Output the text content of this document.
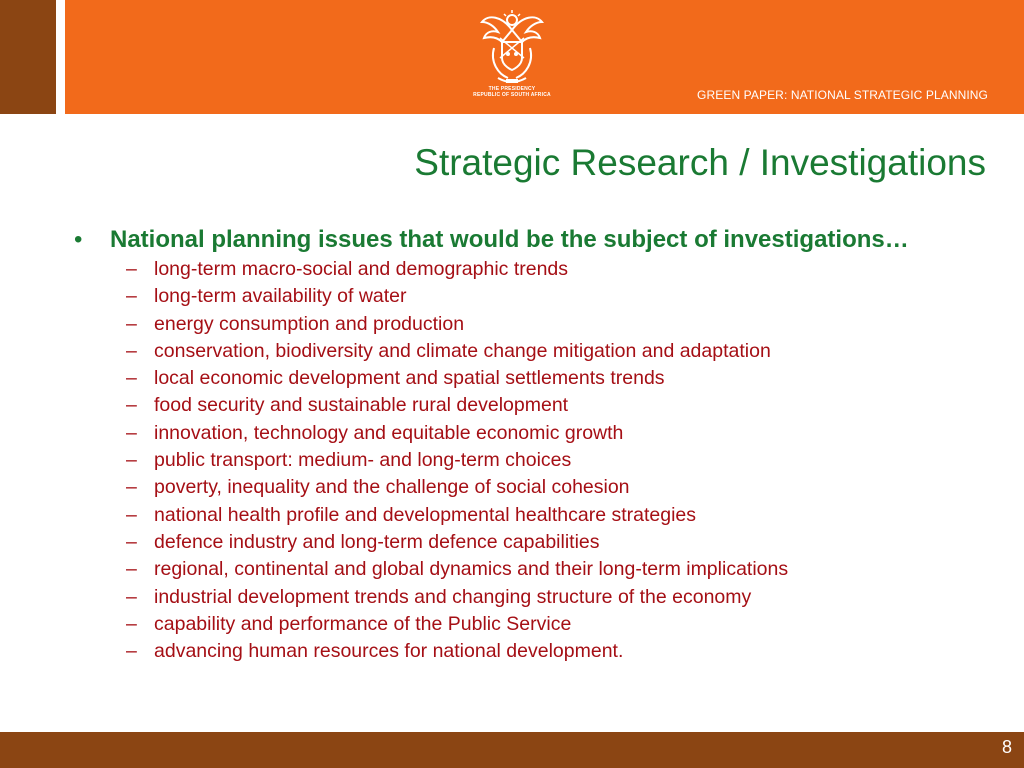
THE PRESIDENCY
REPUBLIC OF SOUTH AFRICA	GREEN PAPER: NATIONAL STRATEGIC PLANNING
Strategic Research / Investigations
• National planning issues that would be the subject of investigations…
– long-term macro-social and demographic trends
– long-term availability of water
– energy consumption and production
– conservation, biodiversity and climate change mitigation and adaptation
– local economic development and spatial settlements trends
– food security and sustainable rural development
– innovation, technology and equitable economic growth
– public transport: medium- and long-term choices
– poverty, inequality and the challenge of social cohesion
– national health profile and developmental healthcare strategies
– defence industry and long-term defence capabilities
– regional, continental and global dynamics and their long-term implications
– industrial development trends and changing structure of the economy
– capability and performance of the Public Service
– advancing human resources for national development.
8
